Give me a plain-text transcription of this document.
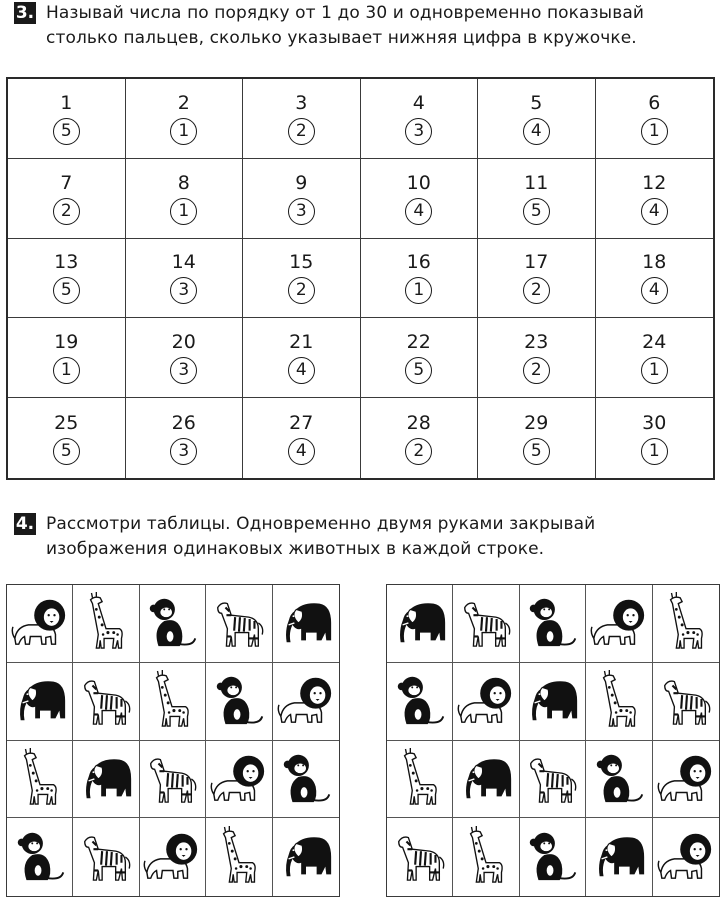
3. Называй числа по порядку от 1 до 30 и одновременно показывай столько пальцев, сколько указывает нижняя цифра в кружочке.

1
5
2
1
3
2
4
3
5
4
6
1
7
2
8
1
9
3
10
4
11
5
12
4
13
5
14
3
15
2
16
1
17
2
18
4
19
1
20
3
21
4
22
5
23
2
24
1
25
5
26
3
27
4
28
2
29
5
30
1
4. Рассмотри таблицы. Одновременно двумя руками закрывай изображения одинаковых животных в каждой строке.
